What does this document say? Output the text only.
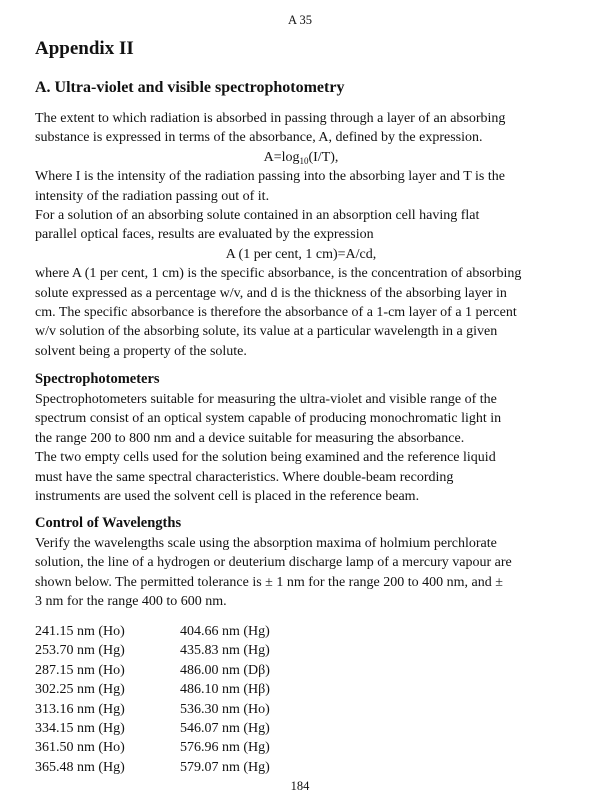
A 35
Appendix II
A. Ultra-violet and visible spectrophotometry
The extent to which radiation is absorbed in passing through a layer of an absorbing
substance is expressed in terms of the absorbance, A, defined by the expression.
$A=\log_{10}(I/T)$,
Where I is the intensity of the radiation passing into the absorbing layer and T is the
intensity of the radiation passing out of it.
For a solution of an absorbing solute contained in an absorption cell having flat
parallel optical faces, results are evaluated by the expression
A (1 per cent, 1 cm)=A/cd,
where A (1 per cent, 1 cm) is the specific absorbance, is the concentration of absorbing
solute expressed as a percentage w/v, and d is the thickness of the absorbing layer in
cm. The specific absorbance is therefore the absorbance of a 1-cm layer of a 1 percent
w/v solution of the absorbing solute, its value at a particular wavelength in a given
solvent being a property of the solute.
Spectrophotometers
Spectrophotometers suitable for measuring the ultra-violet and visible range of the
spectrum consist of an optical system capable of producing monochromatic light in
the range 200 to 800 nm and a device suitable for measuring the absorbance.
The two empty cells used for the solution being examined and the reference liquid
must have the same spectral characteristics. Where double-beam recording
instruments are used the solvent cell is placed in the reference beam.
Control of Wavelengths
Verify the wavelengths scale using the absorption maxima of holmium perchlorate
solution, the line of a hydrogen or deuterium discharge lamp of a mercury vapour are
shown below. The permitted tolerance is ± 1 nm for the range 200 to 400 nm, and ±
3 nm for the range 400 to 600 nm.
241.15 nm (Ho)	404.66 nm (Hg)
253.70 nm (Hg)	435.83 nm (Hg)
287.15 nm (Ho)	486.00 nm (Dβ)
302.25 nm (Hg)	486.10 nm (Hβ)
313.16 nm (Hg)	536.30 nm (Ho)
334.15 nm (Hg)	546.07 nm (Hg)
361.50 nm (Ho)	576.96 nm (Hg)
365.48 nm (Hg)	579.07 nm (Hg)
184
